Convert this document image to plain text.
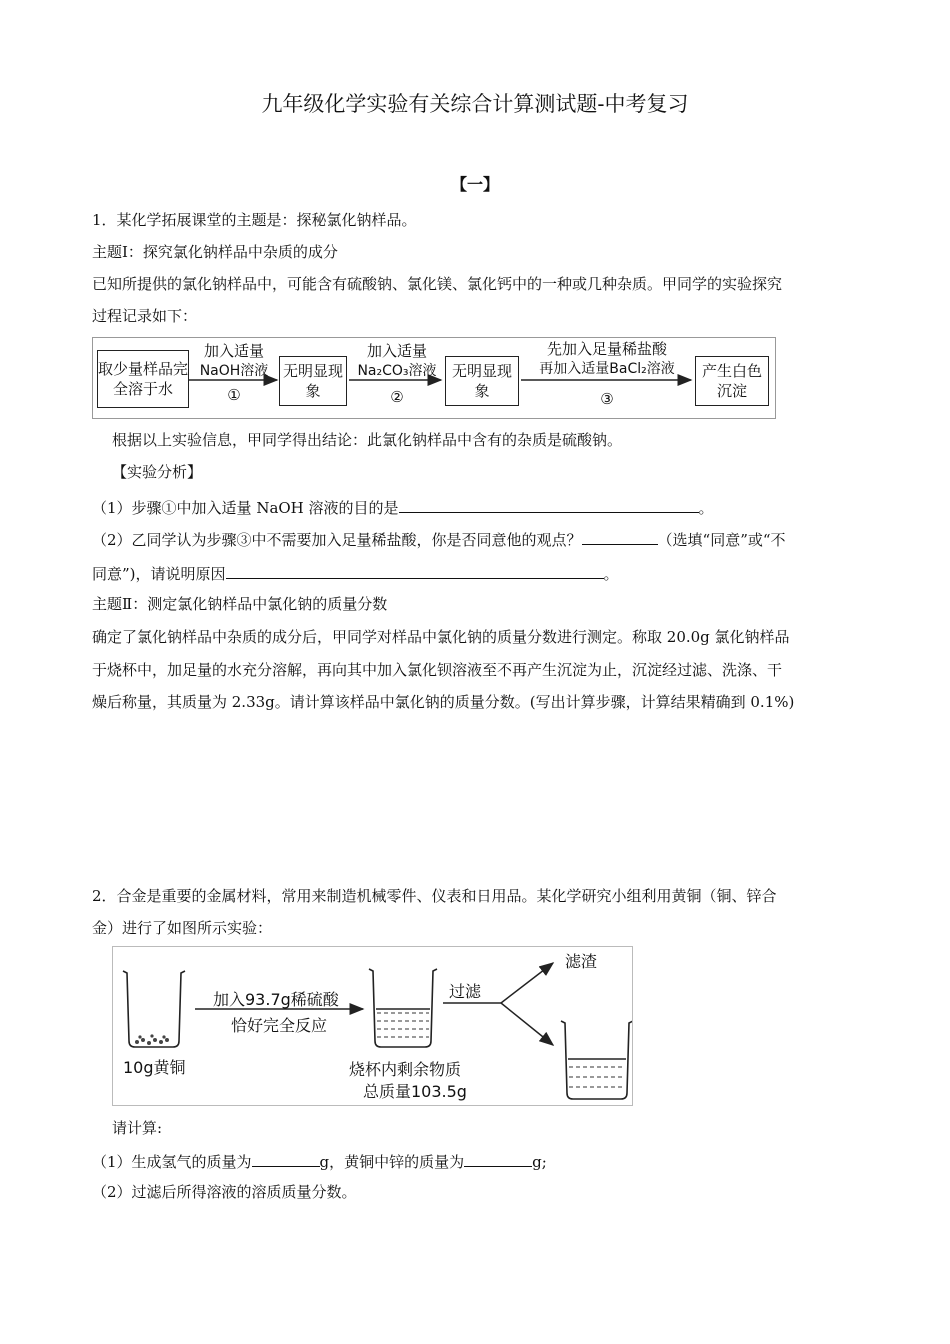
九年级化学实验有关综合计算测试题-中考复习
【一】
1．某化学拓展课堂的主题是：探秘氯化钠样品。
主题Ⅰ：探究氯化钠样品中杂质的成分
已知所提供的氯化钠样品中，可能含有硫酸钠、氯化镁、氯化钙中的一种或几种杂质。甲同学的实验探究
过程记录如下：
取少量样品完全溶于水
无明显现象
无明显现象
产生白色沉淀
加入适量
NaOH溶液
①
加入适量
Na₂CO₃溶液
②
先加入足量稀盐酸
再加入适量BaCl₂溶液
③
根据以上实验信息，甲同学得出结论：此氯化钠样品中含有的杂质是硫酸钠。
【实验分析】
（1）步骤①中加入适量 NaOH 溶液的目的是	。
（2）乙同学认为步骤③中不需要加入足量稀盐酸，你是否同意他的观点？	（选填“同意”或“不
同意”)，请说明原因	。
主题Ⅱ：测定氯化钠样品中氯化钠的质量分数
确定了氯化钠样品中杂质的成分后，甲同学对样品中氯化钠的质量分数进行测定。称取 20.0g 氯化钠样品
于烧杯中，加足量的水充分溶解，再向其中加入氯化钡溶液至不再产生沉淀为止，沉淀经过滤、洗涤、干
燥后称量，其质量为 2.33g。请计算该样品中氯化钠的质量分数。(写出计算步骤，计算结果精确到 0.1%)
2．合金是重要的金属材料，常用来制造机械零件、仪表和日用品。某化学研究小组利用黄铜（铜、锌合
金）进行了如图所示实验：
10g黄铜
加入93.7g稀硫酸
恰好完全反应
烧杯内剩余物质
总质量103.5g
过滤
滤渣
请计算:
（1）生成氢气的质量为	g，黄铜中锌的质量为	g;
（2）过滤后所得溶液的溶质质量分数。
